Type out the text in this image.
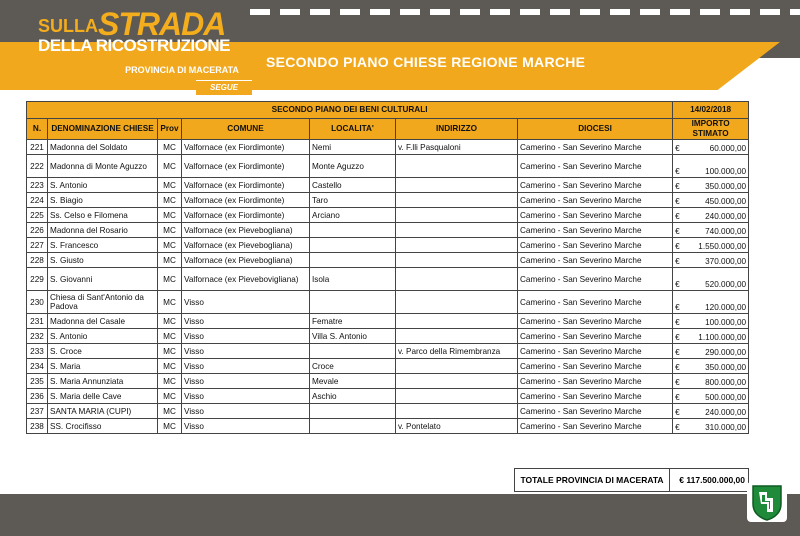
SULLASTRADA
DELLA RICOSTRUZIONE
PROVINCIA DI MACERATA
SEGUE
SECONDO PIANO CHIESE REGIONE MARCHE
SECONDO PIANO DEI BENI CULTURALI							14/02/2018
N.	DENOMINAZIONE CHIESE	Prov	COMUNE	LOCALITA'	INDIRIZZO	DIOCESI	IMPORTO STIMATO
221	Madonna del Soldato	MC	Valfornace (ex Fiordimonte)	Nemi	v. F.lli Pasqualoni	Camerino - San Severino Marche	€ 60.000,00

222	Madonna di Monte Aguzzo	MC	Valfornace (ex Fiordimonte)	Monte Aguzzo		Camerino - San Severino Marche	€ 100.000,00

223	S. Antonio	MC	Valfornace (ex Fiordimonte)	Castello		Camerino - San Severino Marche	€ 350.000,00

224	S. Biagio	MC	Valfornace (ex Fiordimonte)	Taro		Camerino - San Severino Marche	€ 450.000,00

225	Ss. Celso e Filomena	MC	Valfornace (ex Fiordimonte)	Arciano		Camerino - San Severino Marche	€ 240.000,00

226	Madonna del Rosario	MC	Valfornace (ex Pievebogliana)			Camerino - San Severino Marche	€ 740.000,00

227	S. Francesco	MC	Valfornace (ex Pievebogliana)			Camerino - San Severino Marche	€ 1.550.000,00

228	S. Giusto	MC	Valfornace (ex Pievebogliana)			Camerino - San Severino Marche	€ 370.000,00

229	S. Giovanni	MC	Valfornace (ex Pievebovigliana)	Isola		Camerino - San Severino Marche	€ 520.000,00

230	Chiesa di Sant'Antonio da Padova	MC	Visso			Camerino - San Severino Marche	€ 120.000,00

231	Madonna del Casale	MC	Visso	Fematre		Camerino - San Severino Marche	€ 100.000,00

232	S. Antonio	MC	Visso	Villa S. Antonio		Camerino - San Severino Marche	€ 1.100.000,00

233	S. Croce	MC	Visso		v. Parco della Rimembranza	Camerino - San Severino Marche	€ 290.000,00

234	S. Maria	MC	Visso	Croce		Camerino - San Severino Marche	€ 350.000,00

235	S. Maria Annunziata	MC	Visso	Mevale		Camerino - San Severino Marche	€ 800.000,00

236	S. Maria delle Cave	MC	Visso	Aschio		Camerino - San Severino Marche	€ 500.000,00

237	SANTA MARIA (CUPI)	MC	Visso			Camerino - San Severino Marche	€ 240.000,00

238	SS. Crocifisso	MC	Visso		v. Pontelato	Camerino - San Severino Marche	€ 310.000,00
TOTALE PROVINCIA DI MACERATA	€ 117.500.000,00
